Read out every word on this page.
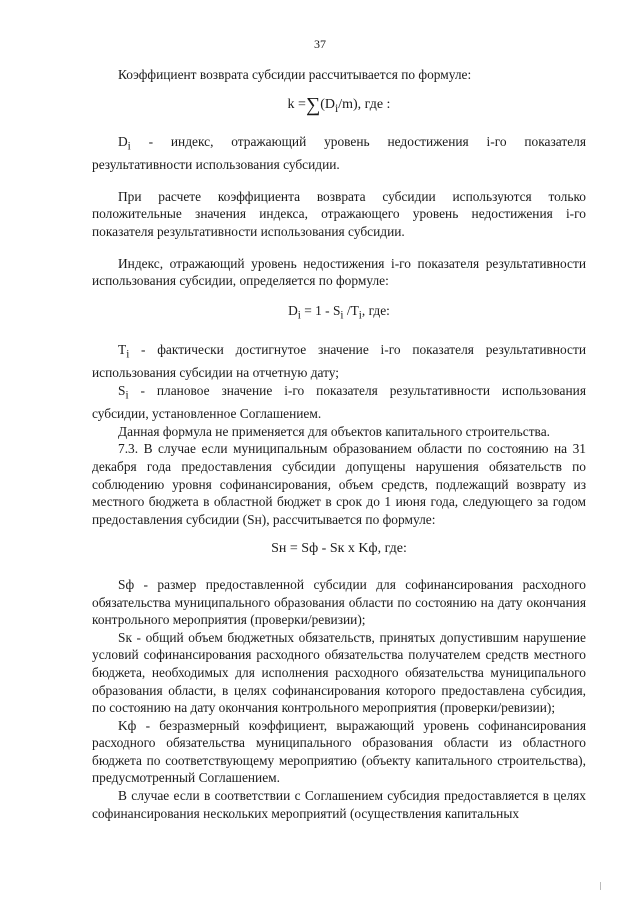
37

Коэффициент возврата субсидии рассчитывается по формуле:

$k =\sum(D_i/m)$, где :

$D_i$ - индекс, отражающий уровень недостижения i-го показателя результативности использования субсидии.

При расчете коэффициента возврата субсидии используются только положительные значения индекса, отражающего уровень недостижения i-го показателя результативности использования субсидии.

Индекс, отражающий уровень недостижения i-го показателя результативности использования субсидии, определяется по формуле:

$D_i = 1 - S_i$ $/T_i$, где:

$T_i$ - фактически достигнутое значение i-го показателя результативности использования субсидии на отчетную дату;

$S_i$ - плановое значение i-го показателя результативности использования субсидии, установленное Соглашением.

Данная формула не применяется для объектов капитального строительства.

7.3. В случае если муниципальным образованием области по состоянию на 31 декабря года предоставления субсидии допущены нарушения обязательств по соблюдению уровня софинансирования, объем средств, подлежащий возврату из местного бюджета в областной бюджет в срок до 1 июня года, следующего за годом предоставления субсидии (Sн), рассчитывается по формуле:

Sн = Sф - Sк x Kф, где:

Sф - размер предоставленной субсидии для софинансирования расходного обязательства муниципального образования области по состоянию на дату окончания контрольного мероприятия (проверки/ревизии);

Sк - общий объем бюджетных обязательств, принятых допустившим нарушение условий софинансирования расходного обязательства получателем средств местного бюджета, необходимых для исполнения расходного обязательства муниципального образования области, в целях софинансирования которого предоставлена субсидия, по состоянию на дату окончания контрольного мероприятия (проверки/ревизии);

Kф - безразмерный коэффициент, выражающий уровень софинансирования расходного обязательства муниципального образования области из областного бюджета по соответствующему мероприятию (объекту капитального строительства), предусмотренный Соглашением.

В случае если в соответствии с Соглашением субсидия предоставляется в целях софинансирования нескольких мероприятий (осуществления капитальных
